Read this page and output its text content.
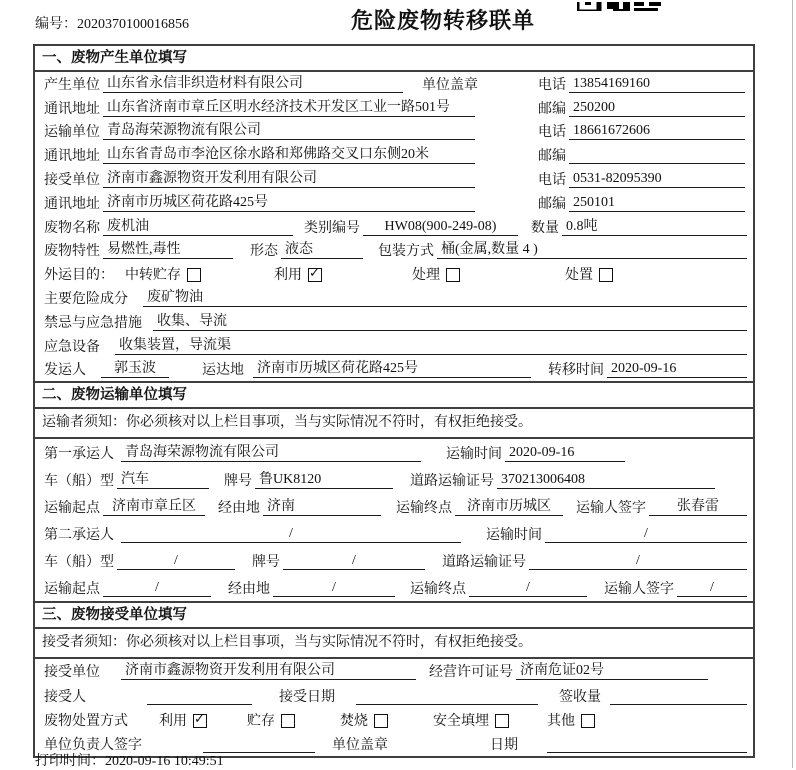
编号：2020370100016856	危险废物转移联单
一、废物产生单位填写
产生单位 山东省永信非织造材料有限公司	单位盖章	电话 13854169160
通讯地址 山东省济南市章丘区明水经济技术开发区工业一路501号	邮编 250200
运输单位 青岛海荣源物流有限公司	电话 18661672606
通讯地址 山东省青岛市李沧区徐水路和郑佛路交叉口东侧20米	邮编
接受单位 济南市鑫源物资开发利用有限公司	电话 0531-82095390
通讯地址 济南市历城区荷花路425号	邮编 250101
废物名称 废机油	类别编号	HW08(900-249-08)	数量 0.8吨
废物特性 易燃性,毒性	形态 液态	包装方式 桶(金属,数量 4 )
外运目的： 中转贮存	利用 ✓	处理	处置
主要危险成分 废矿物油
禁忌与应急措施 收集、导流
应急设备 收集装置，导流渠
发运人	郭玉波	运达地 济南市历城区荷花路425号	转移时间 2020-09-16
二、废物运输单位填写
运输者须知：你必须核对以上栏目事项，当与实际情况不符时，有权拒绝接受。
第一承运人 青岛海荣源物流有限公司	运输时间 2020-09-16
车（船）型 汽车	牌号 鲁UK8120	道路运输证号 370213006408
运输起点 济南市章丘区	经由地 济南	运输终点	济南市历城区	运输人签字	张春雷
第二承运人	/	运输时间	/
车（船）型	/	牌号	/	道路运输证号	/
运输起点	/	经由地	/	运输终点	/	运输人签字	/
三、废物接受单位填写
接受者须知：你必须核对以上栏目事项，当与实际情况不符时，有权拒绝接受。
接受单位 济南市鑫源物资开发利用有限公司	经营许可证号 济南危证02号
接受人	接受日期	签收量
废物处置方式 利用 ✓	贮存	焚烧	安全填埋	其他
单位负责人签字	单位盖章	日期
打印时间：2020-09-16 10:49:51
